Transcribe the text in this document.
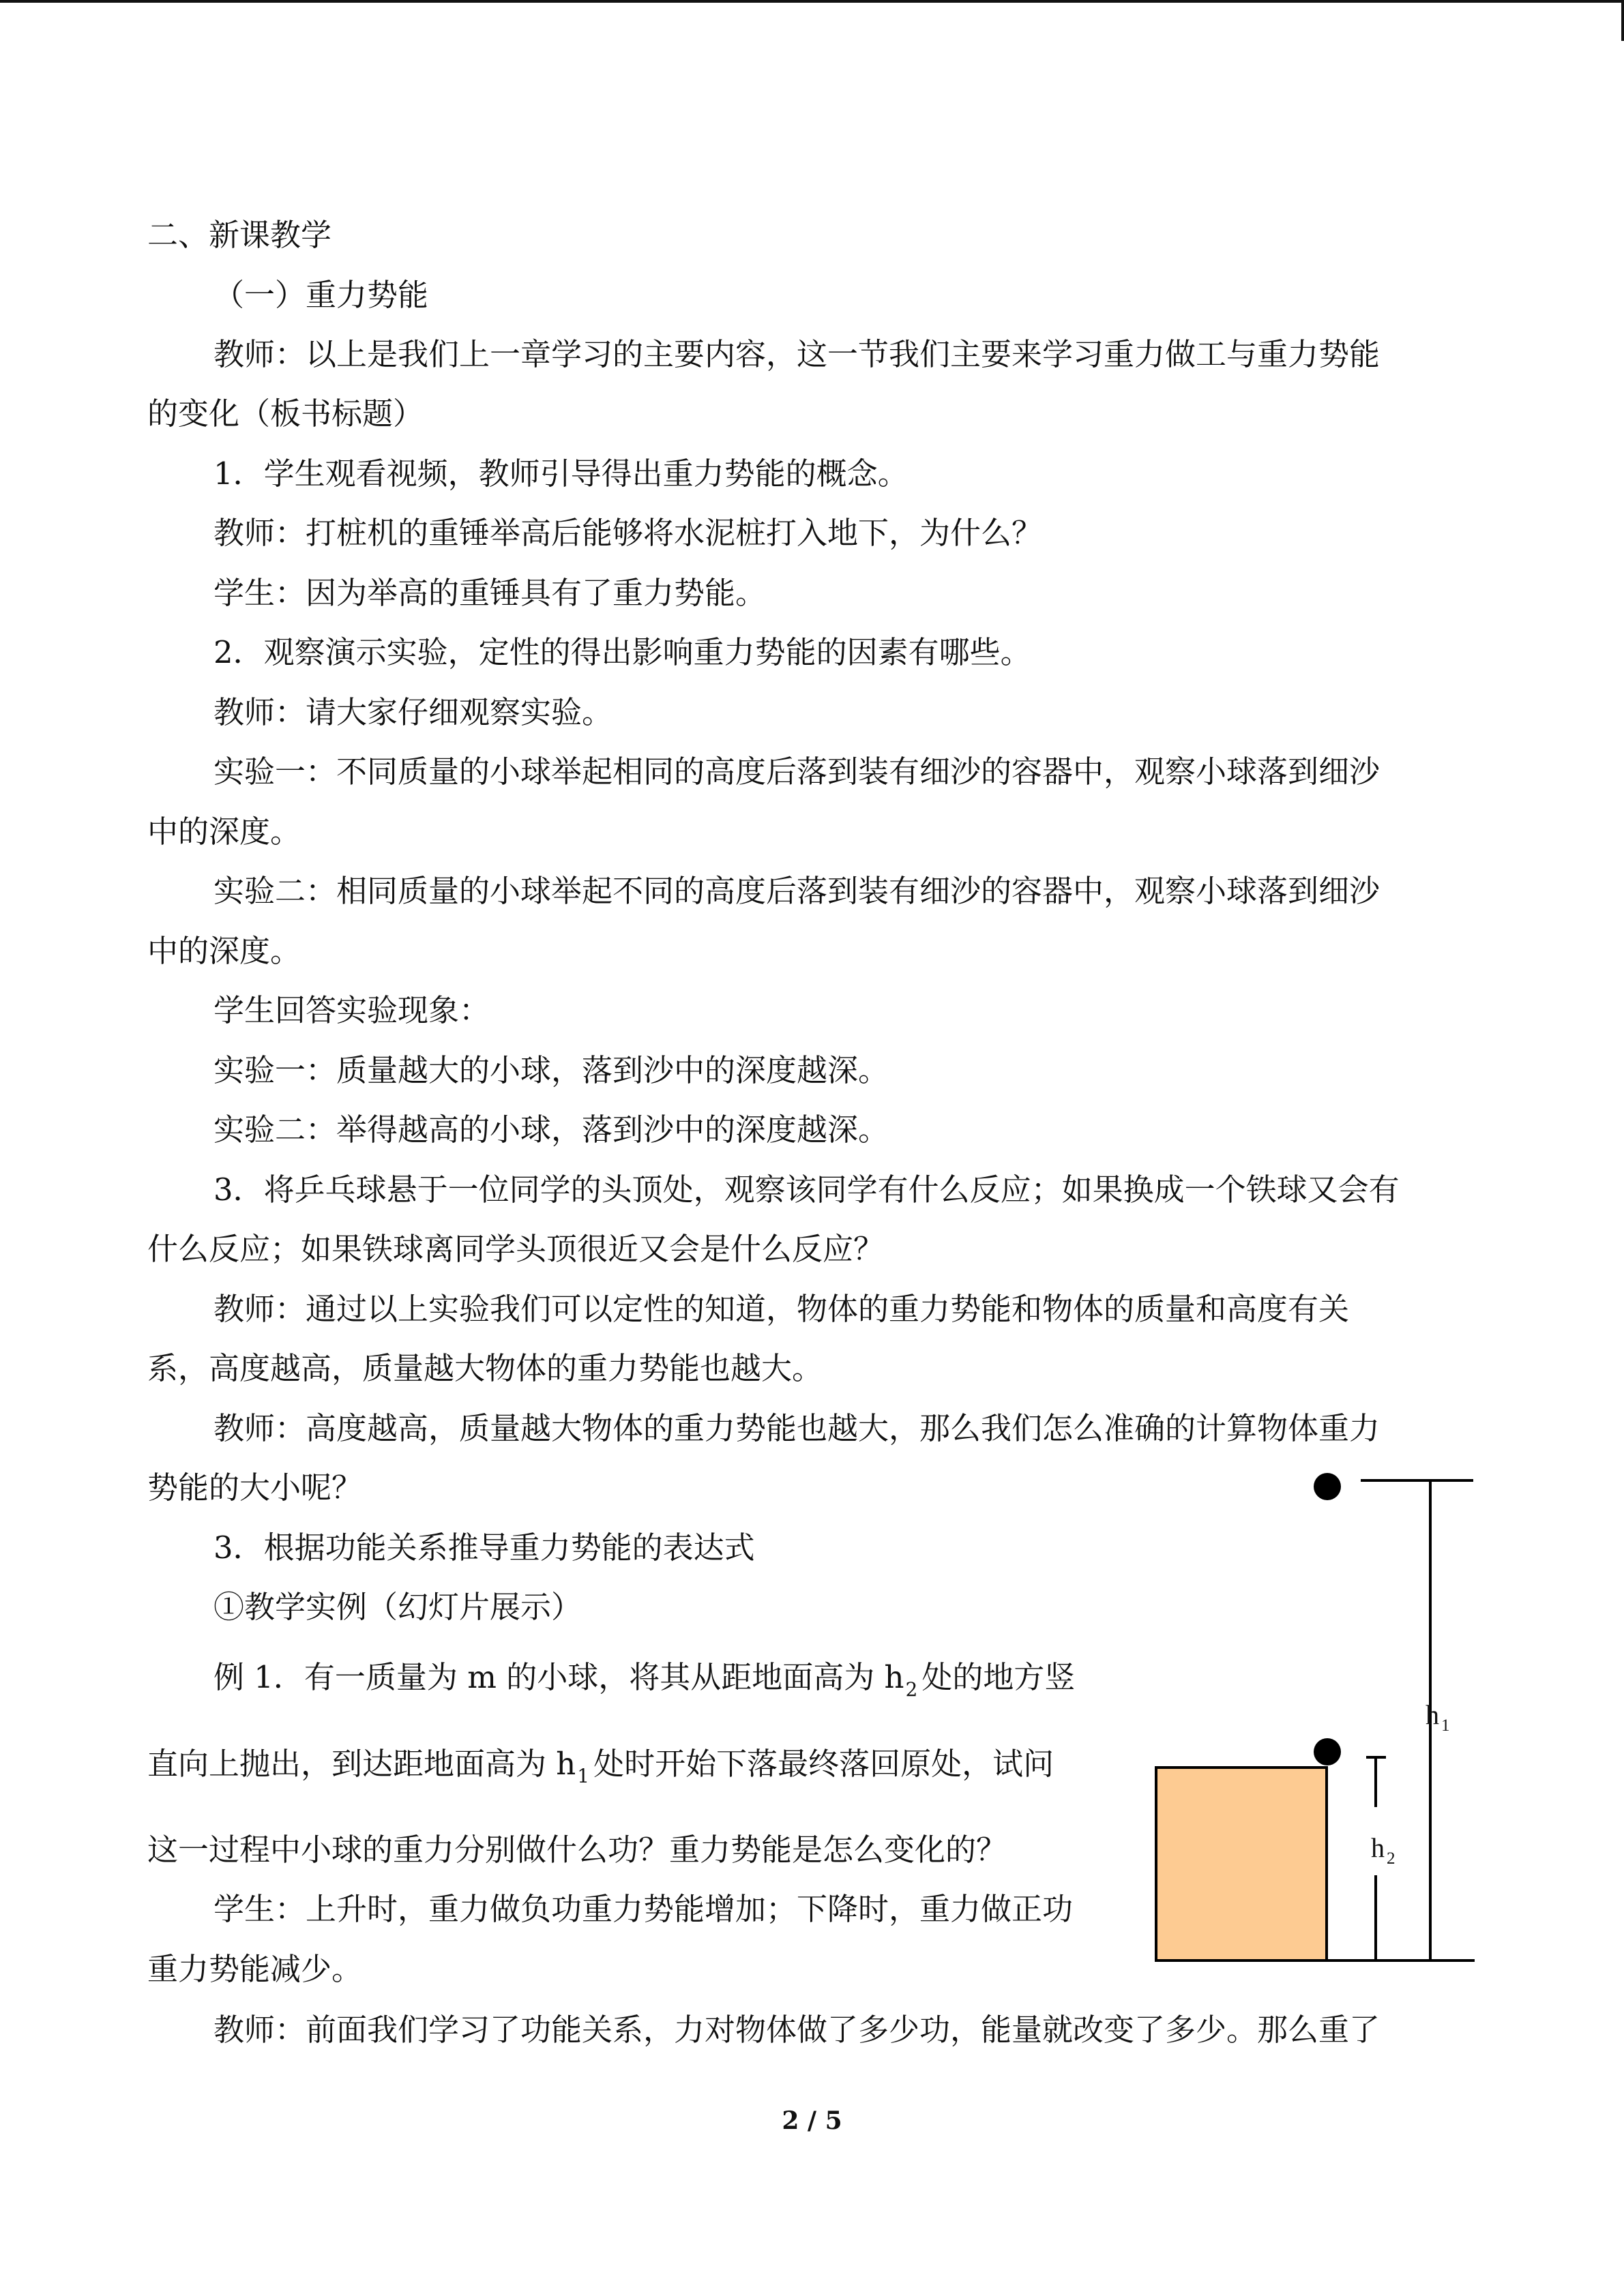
二、新课教学

（一）重力势能

教师：以上是我们上一章学习的主要内容，这一节我们主要来学习重力做工与重力势能

的变化（板书标题）

1．学生观看视频，教师引导得出重力势能的概念。

教师：打桩机的重锤举高后能够将水泥桩打入地下，为什么？

学生：因为举高的重锤具有了重力势能。

2．观察演示实验，定性的得出影响重力势能的因素有哪些。

教师：请大家仔细观察实验。

实验一：不同质量的小球举起相同的高度后落到装有细沙的容器中，观察小球落到细沙

中的深度。

实验二：相同质量的小球举起不同的高度后落到装有细沙的容器中，观察小球落到细沙

中的深度。

学生回答实验现象：

实验一：质量越大的小球，落到沙中的深度越深。

实验二：举得越高的小球，落到沙中的深度越深。

3．将乒乓球悬于一位同学的头顶处，观察该同学有什么反应；如果换成一个铁球又会有

什么反应；如果铁球离同学头顶很近又会是什么反应？

教师：通过以上实验我们可以定性的知道，物体的重力势能和物体的质量和高度有关

系，高度越高，质量越大物体的重力势能也越大。

教师：高度越高，质量越大物体的重力势能也越大，那么我们怎么准确的计算物体重力

势能的大小呢？

3．根据功能关系推导重力势能的表达式

①教学实例（幻灯片展示）

例 1．有一质量为 m 的小球，将其从距地面高为 $h_2$ 处的地方竖

直向上抛出，到达距地面高为 $h_1$ 处时开始下落最终落回原处，试问

这一过程中小球的重力分别做什么功？重力势能是怎么变化的？

学生：上升时，重力做负功重力势能增加；下降时，重力做正功

重力势能减少。

教师：前面我们学习了功能关系，力对物体做了多少功，能量就改变了多少。那么重了

h $_1$
h $_2$
2 / 5
